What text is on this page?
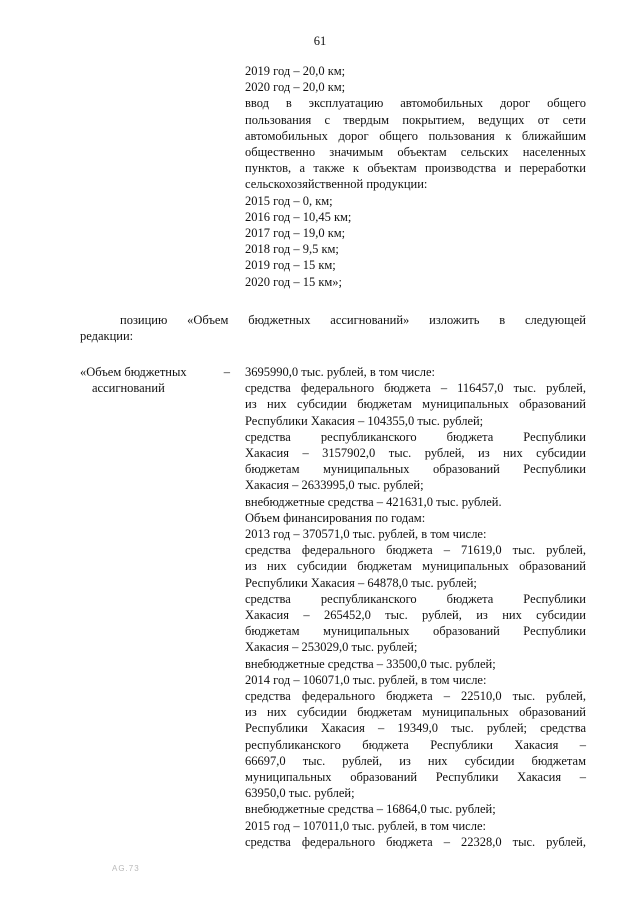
61
2019 год – 20,0 км;
2020 год – 20,0 км;
ввод в эксплуатацию автомобильных дорог общего
пользования с твердым покрытием, ведущих от сети
автомобильных дорог общего пользования к ближайшим
общественно значимым объектам сельских населенных
пунктов, а также к объектам производства и переработки
сельскохозяйственной продукции:
2015 год – 0, км;
2016 год – 10,45 км;
2017 год – 19,0 км;
2018 год – 9,5 км;
2019 год – 15 км;
2020 год – 15 км»;
позицию «Объем бюджетных ассигнований» изложить в следующей
редакции:
«Объем бюджетных	–
ассигнований
3695990,0 тыс. рублей, в том числе:
средства федерального бюджета – 116457,0 тыс. рублей,
из них субсидии бюджетам муниципальных образований
Республики Хакасия – 104355,0 тыс. рублей;
средства республиканского бюджета Республики
Хакасия – 3157902,0 тыс. рублей, из них субсидии
бюджетам муниципальных образований Республики
Хакасия – 2633995,0 тыс. рублей;
внебюджетные средства – 421631,0 тыс. рублей.
Объем финансирования по годам:
2013 год – 370571,0 тыс. рублей, в том числе:
средства федерального бюджета – 71619,0 тыс. рублей,
из них субсидии бюджетам муниципальных образований
Республики Хакасия – 64878,0 тыс. рублей;
средства республиканского бюджета Республики
Хакасия – 265452,0 тыс. рублей, из них субсидии
бюджетам муниципальных образований Республики
Хакасия – 253029,0 тыс. рублей;
внебюджетные средства – 33500,0 тыс. рублей;
2014 год – 106071,0 тыс. рублей, в том числе:
средства федерального бюджета – 22510,0 тыс. рублей,
из них субсидии бюджетам муниципальных образований
Республики Хакасия – 19349,0 тыс. рублей; средства
республиканского бюджета Республики Хакасия –
66697,0 тыс. рублей, из них субсидии бюджетам
муниципальных образований Республики Хакасия –
63950,0 тыс. рублей;
внебюджетные средства – 16864,0 тыс. рублей;
2015 год – 107011,0 тыс. рублей, в том числе:
средства федерального бюджета – 22328,0 тыс. рублей,
AG.73
